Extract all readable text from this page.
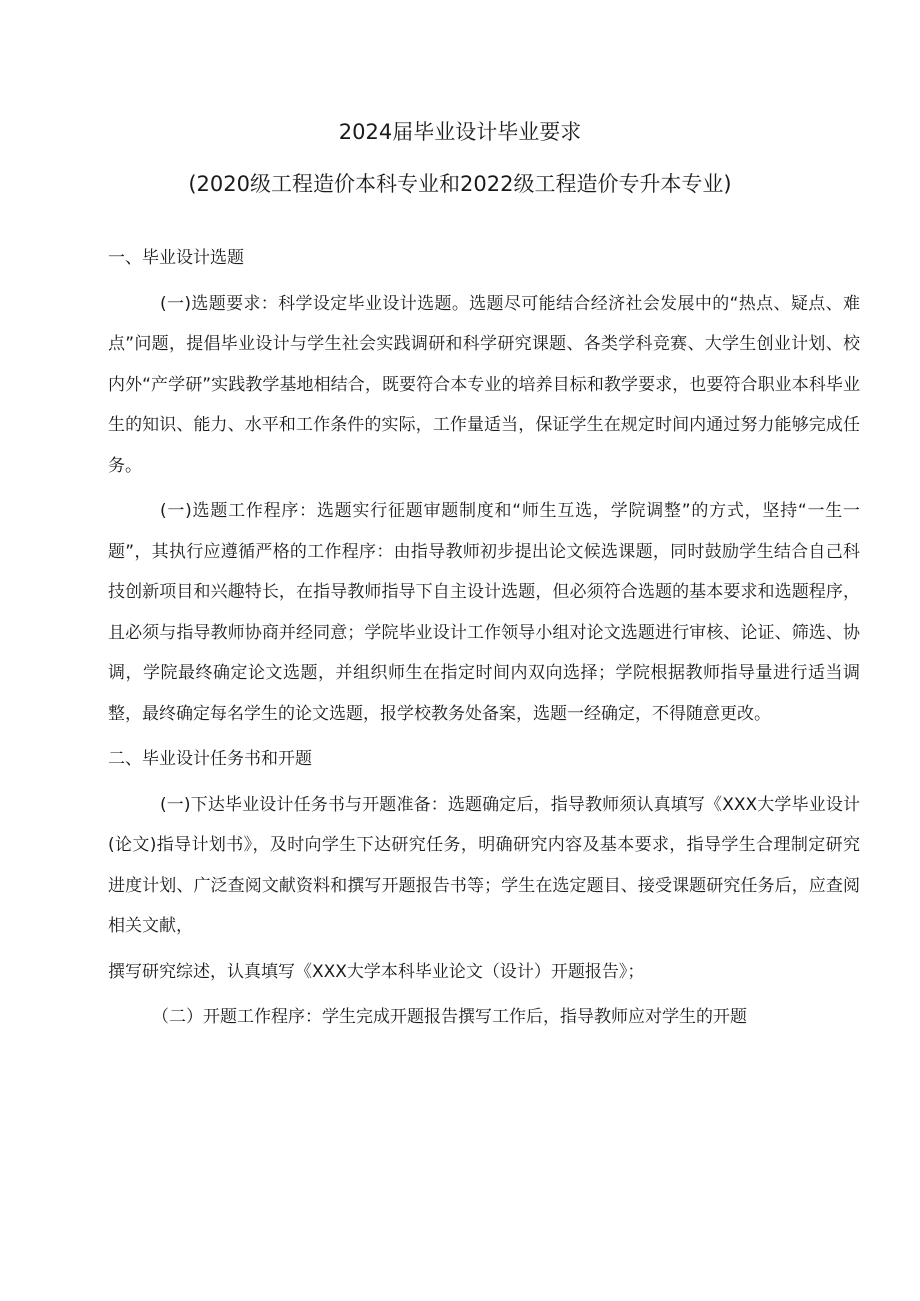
2024届毕业设计毕业要求
(2020级工程造价本科专业和2022级工程造价专升本专业)

一、毕业设计选题

(一)选题要求：科学设定毕业设计选题。选题尽可能结合经济社会发展中的“热点、疑点、难点”问题，提倡毕业设计与学生社会实践调研和科学研究课题、各类学科竞赛、大学生创业计划、校内外“产学研”实践教学基地相结合，既要符合本专业的培养目标和教学要求，也要符合职业本科毕业生的知识、能力、水平和工作条件的实际，工作量适当，保证学生在规定时间内通过努力能够完成任务。

(一)选题工作程序：选题实行征题审题制度和“师生互选，学院调整”的方式，坚持“一生一题”，其执行应遵循严格的工作程序：由指导教师初步提出论文候选课题，同时鼓励学生结合自己科技创新项目和兴趣特长，在指导教师指导下自主设计选题，但必须符合选题的基本要求和选题程序，且必须与指导教师协商并经同意；学院毕业设计工作领导小组对论文选题进行审核、论证、筛选、协调，学院最终确定论文选题，并组织师生在指定时间内双向选择；学院根据教师指导量进行适当调整，最终确定每名学生的论文选题，报学校教务处备案，选题一经确定，不得随意更改。

二、毕业设计任务书和开题

(一)下达毕业设计任务书与开题准备：选题确定后，指导教师须认真填写《XXX大学毕业设计(论文)指导计划书》，及时向学生下达研究任务，明确研究内容及基本要求，指导学生合理制定研究进度计划、广泛查阅文献资料和撰写开题报告书等；学生在选定题目、接受课题研究任务后，应查阅相关文献，

撰写研究综述，认真填写《XXX大学本科毕业论文（设计）开题报告》；

（二）开题工作程序：学生完成开题报告撰写工作后，指导教师应对学生的开题
